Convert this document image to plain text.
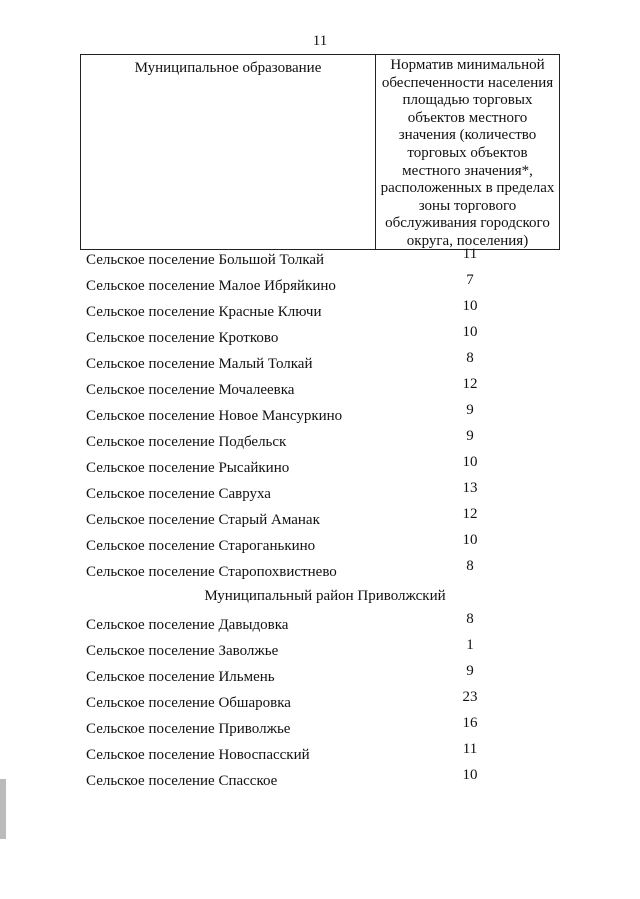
11
Муниципальное образование	Норматив минимальной
обеспеченности населения
площадью торговых
объектов местного
значения (количество
торговых объектов
местного значения*,
расположенных в пределах
зоны торгового
обслуживания городского
округа, поселения)
Сельское поселение Большой Толкай	11
Сельское поселение Малое Ибряйкино	7
Сельское поселение Красные Ключи	10
Сельское поселение Кротково	10
Сельское поселение Малый Толкай	8
Сельское поселение Мочалеевка	12
Сельское поселение Новое Мансуркино	9
Сельское поселение Подбельск	9
Сельское поселение Рысайкино	10
Сельское поселение Савруха	13
Сельское поселение Старый Аманак	12
Сельское поселение Староганькино	10
Сельское поселение Старопохвистнево	8
Муниципальный район Приволжский
Сельское поселение Давыдовка	8
Сельское поселение Заволжье	1
Сельское поселение Ильмень	9
Сельское поселение Обшаровка	23
Сельское поселение Приволжье	16
Сельское поселение Новоспасский	11
Сельское поселение Спасское	10
